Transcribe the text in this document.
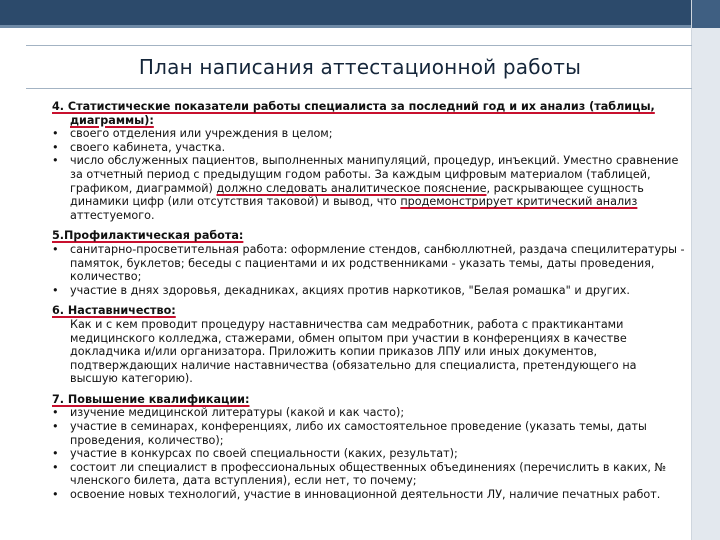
План написания аттестационной работы
4. Статистические показатели работы специалиста за последний год и их анализ (таблицы,
диаграммы):
• своего отделения или учреждения в целом;
• своего кабинета, участка.
• число обслуженных пациентов, выполненных манипуляций, процедур, инъекций. Уместно сравнение за отчетный период с предыдущим годом работы. За каждым цифровым материалом (таблицей, графиком, диаграммой) должно следовать аналитическое пояснение, раскрывающее сущность динамики цифр (или отсутствия таковой) и вывод, что продемонстрирует критический анализ аттестуемого.
5.Профилактическая работа:
• санитарно-просветительная работа: оформление стендов, санбюллютней, раздача специлитературы - памяток, буклетов; беседы с пациентами и их родственниками - указать темы, даты проведения, количество;
• участие в днях здоровья, декадниках, акциях против наркотиков, "Белая ромашка" и других.
6. Наставничество:
Как и с кем проводит процедуру наставничества сам медработник, работа с практикантами медицинского колледжа, стажерами, обмен опытом при участии в конференциях в качестве докладчика и/или организатора. Приложить копии приказов ЛПУ или иных документов, подтверждающих наличие наставничества (обязательно для специалиста, претендующего на высшую категорию).
7. Повышение квалификации:
• изучение медицинской литературы (какой и как часто);
• участие в семинарах, конференциях, либо их самостоятельное проведение (указать темы, даты проведения, количество);
• участие в конкурсах по своей специальности (каких, результат);
• состоит ли специалист в профессиональных общественных объединениях (перечислить в каких, № членского билета, дата вступления), если нет, то почему;
• освоение новых технологий, участие в инновационной деятельности ЛУ, наличие печатных работ.
